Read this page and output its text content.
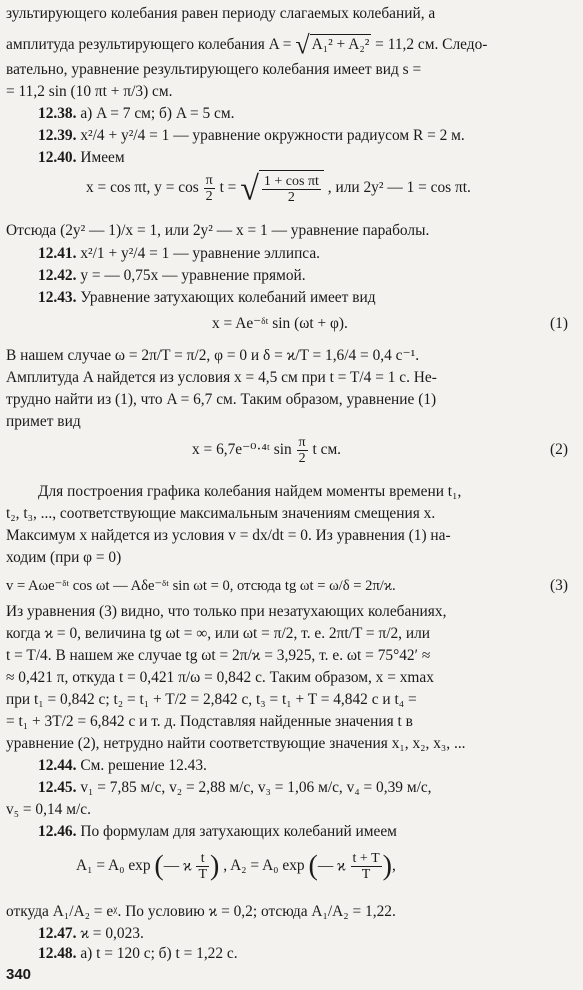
зультирующего колебания равен периоду слагаемых колебаний, а
амплитуда результирующего колебания A = √ A₁² + A₂² = 11,2 см. Следо-
вательно, уравнение результирующего колебания имеет вид s =
= 11,2 sin (10 πt + π/3) см.
12.38. а) A = 7 см; б) A = 5 см.
12.39. x²/4 + y²/4 = 1 — уравнение окружности радиусом R = 2 м.
12.40. Имеем
x = cos πt, $y = \cos \frac{\pi}{2}$ t = √ $\frac{\text{1 + cos πt}}{2}$ , или 2y² — 1 = cos πt.
Отсюда (2y² — 1)/x = 1, или 2y² — x = 1 — уравнение параболы.
12.41. x²/1 + y²/4 = 1 — уравнение эллипса.
12.42. y = — 0,75x — уравнение прямой.
12.43. Уравнение затухающих колебаний имеет вид
x = Ae⁻ᵟᵗ sin (ωt + φ).	(1)
В нашем случае ω = 2π/T = π/2, φ = 0 и δ = ϰ/T = 1,6/4 = 0,4 с⁻¹.
Амплитуда A найдется из условия x = 4,5 см при t = T/4 = 1 с. Не-
трудно найти из (1), что A = 6,7 см. Таким образом, уравнение (1)
примет вид
x = 6,7e⁻⁰·⁴ᵗ $\sin \frac{\pi}{2}$ t см.	(2)
Для построения графика колебания найдем моменты времени t₁,
t₂, t₃, ..., соответствующие максимальным значениям смещения x.
Максимум x найдется из условия v = dx/dt = 0. Из уравнения (1) на-
ходим (при φ = 0)
v = Aωe⁻ᵟᵗ cos ωt — Aδe⁻ᵟᵗ sin ωt = 0, отсюда tg ωt = ω/δ = 2π/ϰ.	(3)
Из уравнения (3) видно, что только при незатухающих колебаниях,
когда ϰ = 0, величина tg ωt = ∞, или ωt = π/2, т. е. 2πt/T = π/2, или
t = T/4. В нашем же случае tg ωt = 2π/ϰ = 3,925, т. е. ωt = 75°42′ ≈
≈ 0,421 π, откуда t = 0,421 π/ω = 0,842 с. Таким образом, x = xmax
при t₁ = 0,842 с; t₂ = t₁ + T/2 = 2,842 с, t₃ = t₁ + T = 4,842 с и t₄ =
= t₁ + 3T/2 = 6,842 с и т. д. Подставляя найденные значения t в
уравнение (2), нетрудно найти соответствующие значения x₁, x₂, x₃, ...
12.44. См. решение 12.43.
12.45. v₁ = 7,85 м/с, v₂ = 2,88 м/с, v₃ = 1,06 м/с, v₄ = 0,39 м/с,
v₅ = 0,14 м/с.
12.46. По формулам для затухающих колебаний имеем
A₁ = A₀ exp (— ϰ $\frac{t}{T}$ ) , A₂ = A₀ exp (— ϰ $\frac{t + T}{T}$ ),
откуда A₁/A₂ = eᵡ. По условию ϰ = 0,2; отсюда A₁/A₂ = 1,22.
12.47. ϰ = 0,023.
12.48. а) t = 120 с; б) t = 1,22 с.
340
